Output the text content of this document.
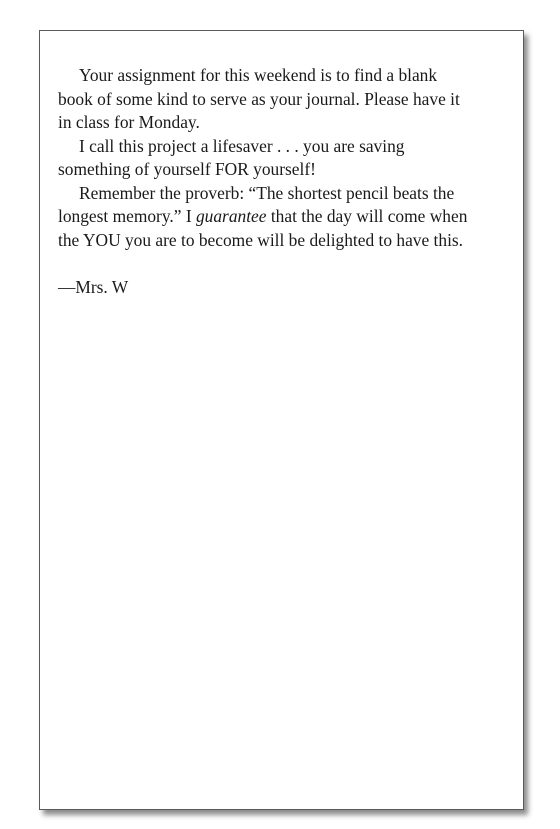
Your assignment for this weekend is to find a blank
book of some kind to serve as your journal. Please have it
in class for Monday.

I call this project a lifesaver . . . you are saving
something of yourself FOR yourself!

Remember the proverb: “The shortest pencil beats the
longest memory.” I guarantee that the day will come when
the YOU you are to become will be delighted to have this.

—Mrs. W
